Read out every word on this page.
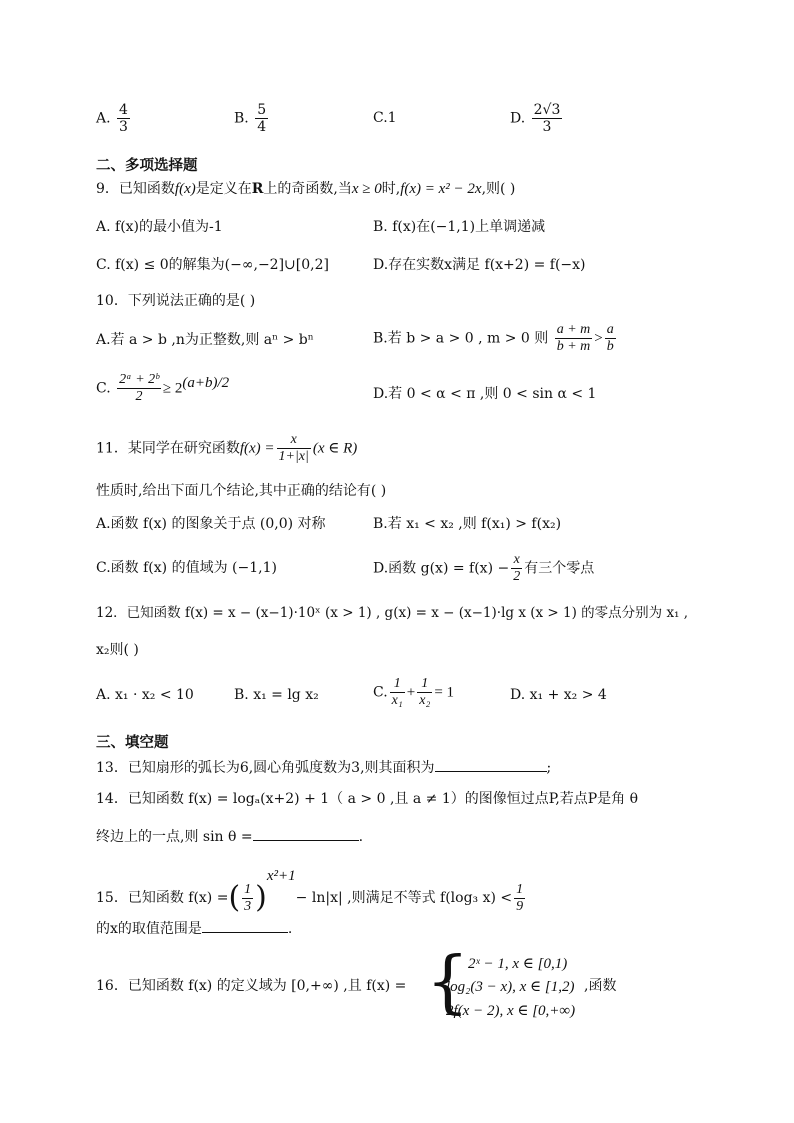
A. $\frac{4}{3}$	B. $\frac{5}{4}$	C.1	D. $\frac{2√3}{3}$
二、多项选择题
9．已知函数f(x)是定义在R上的奇函数,当x ≥ 0时,f(x) = x² − 2x,则( )
A. f(x)的最小值为-1	B. f(x)在(−1,1)上单调递减
C. f(x) ≤ 0的解集为(−∞,−2]∪[0,2]	D.存在实数x满足 f(x+2) = f(−x)
10．下列说法正确的是( )
A.若 a > b ,n为正整数,则 aⁿ > bⁿ	B.若 b > a > 0 , m > 0 则 $\frac{a + m}{b + m} > \frac{a}{b}$
C. $\frac{\text{2ᵃ + 2ᵇ}}{2} \ge 2^{(a+b)/2}$
D.若 0 < α < π ,则 0 < sin α < 1
11．某同学在研究函数$f(x) = \frac{x}{1+|x|} (x$ ∈ R)
性质时,给出下面几个结论,其中正确的结论有( )
A.函数 f(x) 的图象关于点 (0,0) 对称	B.若 x₁ < x₂ ,则 f(x₁) > f(x₂)
C.函数 f(x) 的值域为 (−1,1)	D.函数 $g(x) = f(x) - \frac{x}{2}$ 有三个零点
12．已知函数 f(x) = x − (x−1)·10ˣ (x > 1) , g(x) = x − (x−1)·lg x (x > 1) 的零点分别为 x₁ ,
x₂则( )
A. x₁ · x₂ < 10	B. x₁ = lg x₂	C. $\frac{1}{\text{x₁}} + \frac{1}{\text{x₂}} = 1$	D. x₁ + x₂ > 4
三、填空题
13．已知扇形的弧长为6,圆心角弧度数为3,则其面积为	;
14．已知函数 f(x) = logₐ(x+2) + 1（ a > 0 ,且 a ≠ 1）的图像恒过点P,若点P是角 θ
终边上的一点,则 sin θ =	.
15．已知函数 f(x) =( $\frac{1}{3} )^{x^2+1}- \ln|x|$ ,则满足不等式 f(log₃ $x) < \frac{1}{9}$
的x的取值范围是	.
16．已知函数 f(x) 的定义域为 [0,+∞) ,且 f(x) = {
2ˣ − 1, x ∈ [0,1)
log₂(3 − x), x ∈ [1,2)
2f(x − 2), x ∈ [0,+∞)
,函数
